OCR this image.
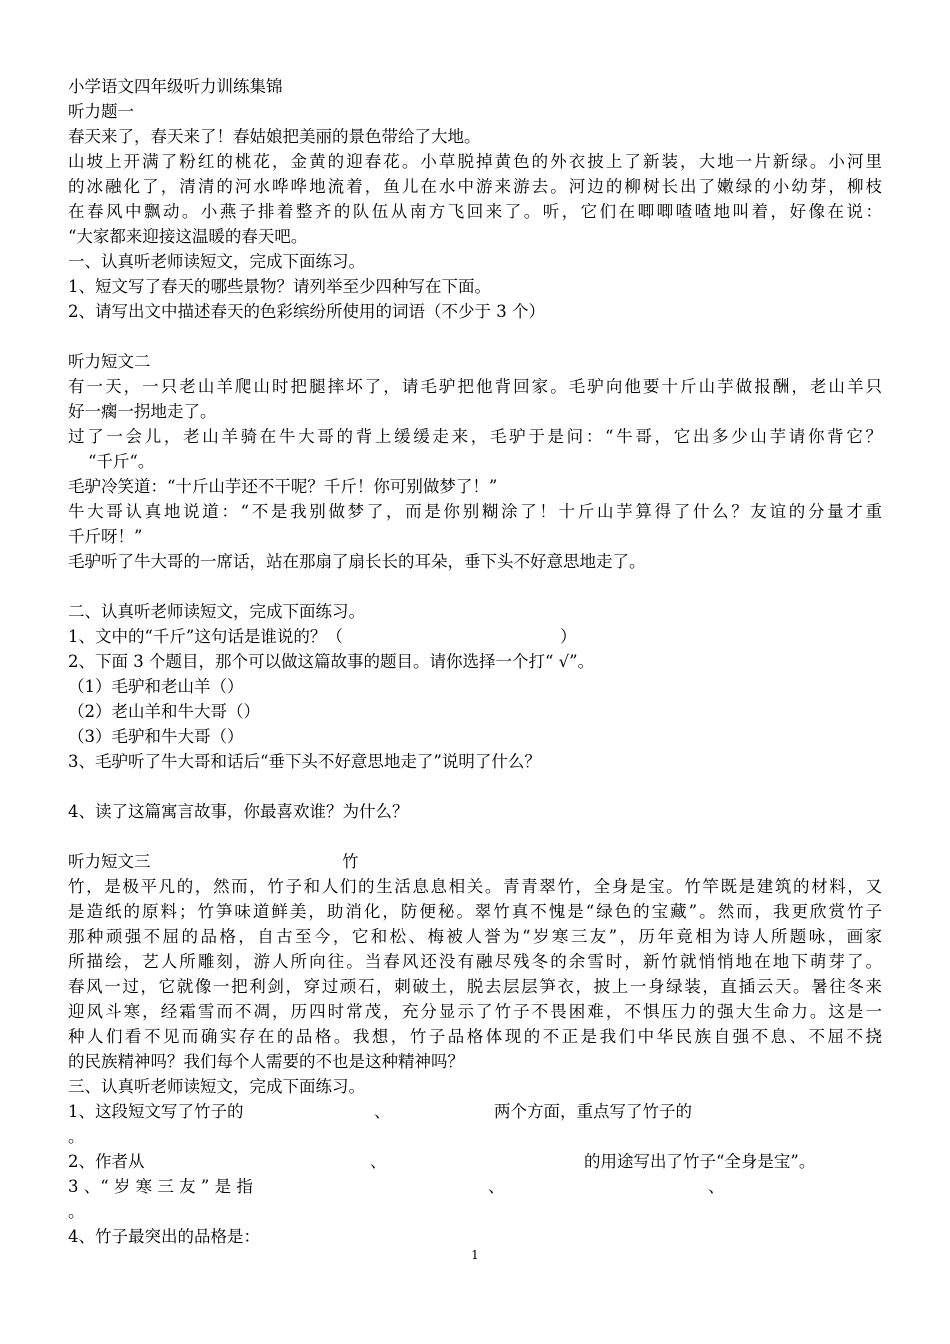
小学语文四年级听力训练集锦
听力题一
春天来了，春天来了！春姑娘把美丽的景色带给了大地。
山坡上开满了粉红的桃花，金黄的迎春花。小草脱掉黄色的外衣披上了新装，大地一片新绿。小河里
的冰融化了，清清的河水哗哗地流着，鱼儿在水中游来游去。河边的柳树长出了嫩绿的小幼芽，柳枝
在春风中飘动。小燕子排着整齐的队伍从南方飞回来了。听，它们在唧唧喳喳地叫着，好像在说：
“大家都来迎接这温暖的春天吧。
一、认真听老师读短文，完成下面练习。
1、短文写了春天的哪些景物？请列举至少四种写在下面。
2、请写出文中描述春天的色彩缤纷所使用的词语（不少于 3 个）
听力短文二
有一天，一只老山羊爬山时把腿摔坏了，请毛驴把他背回家。毛驴向他要十斤山芋做报酬，老山羊只
好一瘸一拐地走了。
过了一会儿，老山羊骑在牛大哥的背上缓缓走来，毛驴于是问：“牛哥，它出多少山芋请你背它？
“千斤“。
毛驴冷笑道：“十斤山芋还不干呢？千斤！你可别做梦了！”
牛大哥认真地说道：“不是我别做梦了，而是你别糊涂了！十斤山芋算得了什么？友谊的分量才重
千斤呀！”
毛驴听了牛大哥的一席话，站在那扇了扇长长的耳朵，垂下头不好意思地走了。
二、认真听老师读短文，完成下面练习。
1、文中的“千斤”这句话是谁说的？（	）
2、下面 3 个题目，那个可以做这篇故事的题目。请你选择一个打“ √”。
（1）毛驴和老山羊（）
（2）老山羊和牛大哥（）
（3）毛驴和牛大哥（）
3、毛驴听了牛大哥和话后“垂下头不好意思地走了”说明了什么？
4、读了这篇寓言故事，你最喜欢谁？为什么？
听力短文三	竹
竹，是极平凡的，然而，竹子和人们的生活息息相关。青青翠竹，全身是宝。竹竿既是建筑的材料，又
是造纸的原料；竹笋味道鲜美，助消化，防便秘。翠竹真不愧是“绿色的宝藏”。然而，我更欣赏竹子
那种顽强不屈的品格，自古至今，它和松、梅被人誉为“岁寒三友”，历年竟相为诗人所题咏，画家
所描绘，艺人所雕刻，游人所向往。当春风还没有融尽残冬的余雪时，新竹就悄悄地在地下萌芽了。
春风一过，它就像一把利剑，穿过顽石，刺破土，脱去层层笋衣，披上一身绿装，直插云天。暑往冬来
迎风斗寒，经霜雪而不凋，历四时常茂，充分显示了竹子不畏困难，不惧压力的强大生命力。这是一
种人们看不见而确实存在的品格。我想，竹子品格体现的不正是我们中华民族自强不息、不屈不挠
的民族精神吗？我们每个人需要的不也是这种精神吗？
三、认真听老师读短文，完成下面练习。
1、这段短文写了竹子的	、	两个方面，重点写了竹子的
。
2、作者从	、	的用途写出了竹子“全身是宝”。
3 、“ 岁 寒 三 友 ” 是 指	、	、
。
4、竹子最突出的品格是：
1
